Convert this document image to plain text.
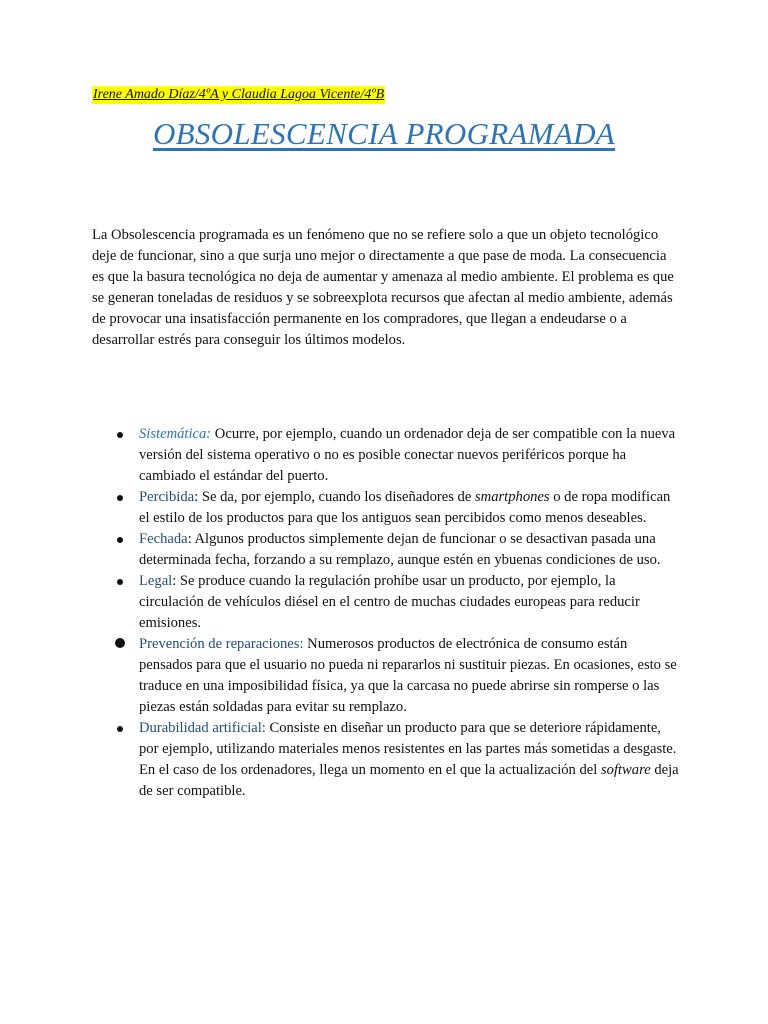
Irene Amado Díaz/4ºA y Claudia Lagoa Vicente/4ºB
OBSOLESCENCIA PROGRAMADA

La Obsolescencia programada es un fenómeno que no se refiere solo a que un objeto tecnológico deje de funcionar, sino a que surja uno mejor o directamente a que pase de moda. La consecuencia es que la basura tecnológica no deja de aumentar y amenaza al medio ambiente. El problema es que se generan toneladas de residuos y se sobreexplota recursos que afectan al medio ambiente, además de provocar una insatisfacción permanente en los compradores, que llegan a endeudarse o a desarrollar estrés para conseguir los últimos modelos.

Sistemática: Ocurre, por ejemplo, cuando un ordenador deja de ser compatible con la nueva versión del sistema operativo o no es posible conectar nuevos periféricos porque ha cambiado el estándar del puerto.
Percibida: Se da, por ejemplo, cuando los diseñadores de smartphones o de ropa modifican el estilo de los productos para que los antiguos sean percibidos como menos deseables.
Fechada: Algunos productos simplemente dejan de funcionar o se desactivan pasada una determinada fecha, forzando a su remplazo, aunque estén en ybuenas condiciones de uso.
Legal: Se produce cuando la regulación prohíbe usar un producto, por ejemplo, la circulación de vehículos diésel en el centro de muchas ciudades europeas para reducir emisiones.
Prevención de reparaciones: Numerosos productos de electrónica de consumo están pensados para que el usuario no pueda ni repararlos ni sustituir piezas. En ocasiones, esto se traduce en una imposibilidad física, ya que la carcasa no puede abrirse sin romperse o las piezas están soldadas para evitar su remplazo.
Durabilidad artificial: Consiste en diseñar un producto para que se deteriore rápidamente, por ejemplo, utilizando materiales menos resistentes en las partes más sometidas a desgaste. En el caso de los ordenadores, llega un momento en el que la actualización del software deja de ser compatible.
